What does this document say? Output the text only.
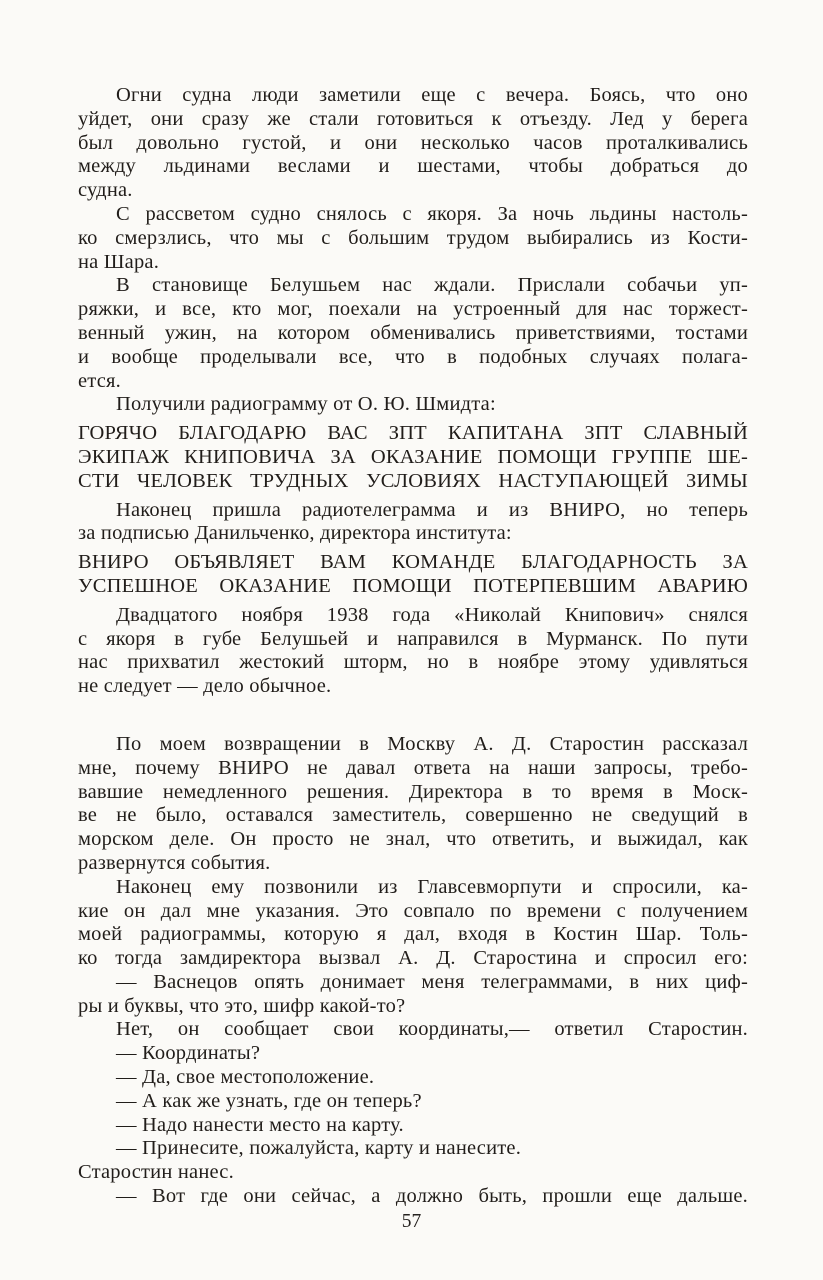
Огни судна люди заметили еще с вечера. Боясь, что оно
уйдет, они сразу же стали готовиться к отъезду. Лед у берега
был довольно густой, и они несколько часов проталкивались
между льдинами веслами и шестами, чтобы добраться до
судна.
С рассветом судно снялось с якоря. За ночь льдины настоль-
ко смерзлись, что мы с большим трудом выбирались из Кости-
на Шара.
В становище Белушьем нас ждали. Прислали собачьи уп-
ряжки, и все, кто мог, поехали на устроенный для нас торжест-
венный ужин, на котором обменивались приветствиями, тостами
и вообще проделывали все, что в подобных случаях полага-
ется.
Получили радиограмму от О. Ю. Шмидта:
ГОРЯЧО БЛАГОДАРЮ ВАС ЗПТ КАПИТАНА ЗПТ СЛАВНЫЙ
ЭКИПАЖ КНИПОВИЧА ЗА ОКАЗАНИЕ ПОМОЩИ ГРУППЕ ШЕ-
СТИ ЧЕЛОВЕК ТРУДНЫХ УСЛОВИЯХ НАСТУПАЮЩЕЙ ЗИМЫ
Наконец пришла радиотелеграмма и из ВНИРО, но теперь
за подписью Данильченко, директора института:
ВНИРО ОБЪЯВЛЯЕТ ВАМ КОМАНДЕ БЛАГОДАРНОСТЬ ЗА
УСПЕШНОЕ ОКАЗАНИЕ ПОМОЩИ ПОТЕРПЕВШИМ АВАРИЮ
Двадцатого ноября 1938 года «Николай Книпович» снялся
с якоря в губе Белушьей и направился в Мурманск. По пути
нас прихватил жестокий шторм, но в ноябре этому удивляться
не следует — дело обычное.
По моем возвращении в Москву А. Д. Старостин рассказал
мне, почему ВНИРО не давал ответа на наши запросы, требо-
вавшие немедленного решения. Директора в то время в Моск-
ве не было, оставался заместитель, совершенно не сведущий в
морском деле. Он просто не знал, что ответить, и выжидал, как
развернутся события.
Наконец ему позвонили из Главсевморпути и спросили, ка-
кие он дал мне указания. Это совпало по времени с получением
моей радиограммы, которую я дал, входя в Костин Шар. Толь-
ко тогда замдиректора вызвал А. Д. Старостина и спросил его:
— Васнецов опять донимает меня телеграммами, в них циф-
ры и буквы, что это, шифр какой-то?
Нет, он сообщает свои координаты,— ответил Старостин.
— Координаты?
— Да, свое местоположение.
— А как же узнать, где он теперь?
— Надо нанести место на карту.
— Принесите, пожалуйста, карту и нанесите.
Старостин нанес.
— Вот где они сейчас, а должно быть, прошли еще дальше.
57
